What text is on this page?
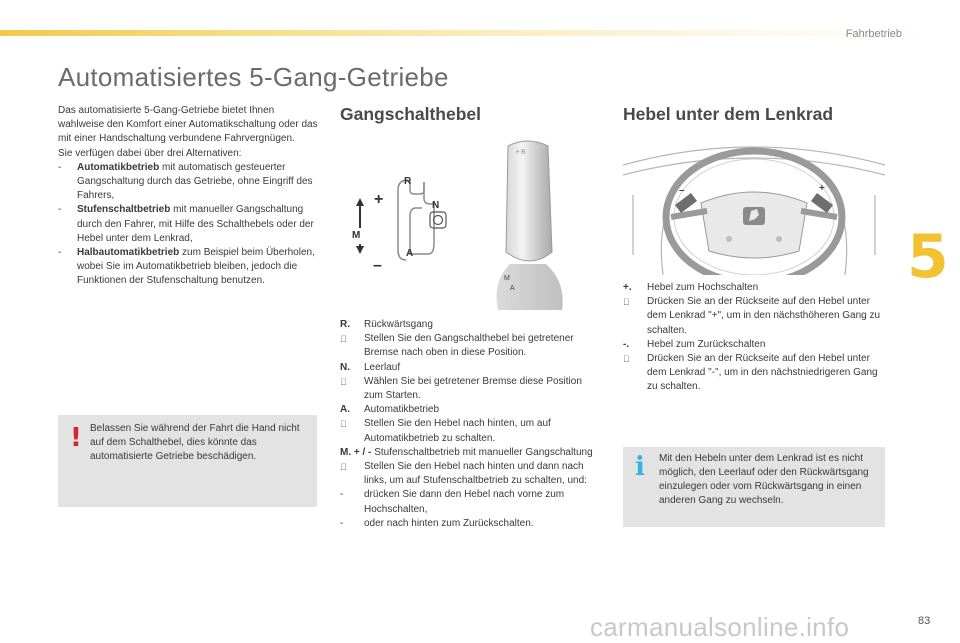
Fahrbetrieb
Automatisiertes 5-Gang-Getriebe

Das automatisierte 5-Gang-Getriebe bietet Ihnen wahlweise den Komfort einer Automatikschaltung oder das mit einer Handschaltung verbundene Fahrvergnügen.

Sie verfügen dabei über drei Alternativen:

-	Automatikbetrieb mit automatisch gesteuerter Gangschaltung durch das Getriebe, ohne Eingriff des Fahrers,
-	Stufenschaltbetrieb mit manueller Gangschaltung durch den Fahrer, mit Hilfe des Schalthebels oder der Hebel unter dem Lenkrad,
-	Halbautomatikbetrieb zum Beispiel beim Überholen, wobei Sie im Automatikbetrieb bleiben, jedoch die Funktionen der Stufenschaltung benutzen.
! Belassen Sie während der Fahrt die Hand nicht auf dem Schalthebel, dies könnte das automatisierte Getriebe beschädigen.
Gangschalthebel
+
R
M
–
A
N
+ R
A
M
R.	Rückwärtsgang
Stellen Sie den Gangschalthebel bei getretener Bremse nach oben in diese Position.
N.	Leerlauf
Wählen Sie bei getretener Bremse diese Position zum Starten.
A.	Automatikbetrieb
Stellen Sie den Hebel nach hinten, um auf Automatikbetrieb zu schalten.
M. + / - Stufenschaltbetrieb mit manueller Gangschaltung
Stellen Sie den Hebel nach hinten und dann nach links, um auf Stufenschaltbetrieb zu schalten, und:
-	drücken Sie dann den Hebel nach vorne zum Hochschalten,
-	oder nach hinten zum Zurückschalten.
Hebel unter dem Lenkrad
–	+
+.	Hebel zum Hochschalten
Drücken Sie an der Rückseite auf den Hebel unter dem Lenkrad "+", um in den nächsthöheren Gang zu schalten.
-.	Hebel zum Zurückschalten
Drücken Sie an der Rückseite auf den Hebel unter dem Lenkrad "-", um in den nächstniedrigeren Gang zu schalten.
i Mit den Hebeln unter dem Lenkrad ist es nicht möglich, den Leerlauf oder den Rückwärtsgang einzulegen oder vom Rückwärtsgang in einen anderen Gang zu wechseln.
5
carmanualsonline.info	83
